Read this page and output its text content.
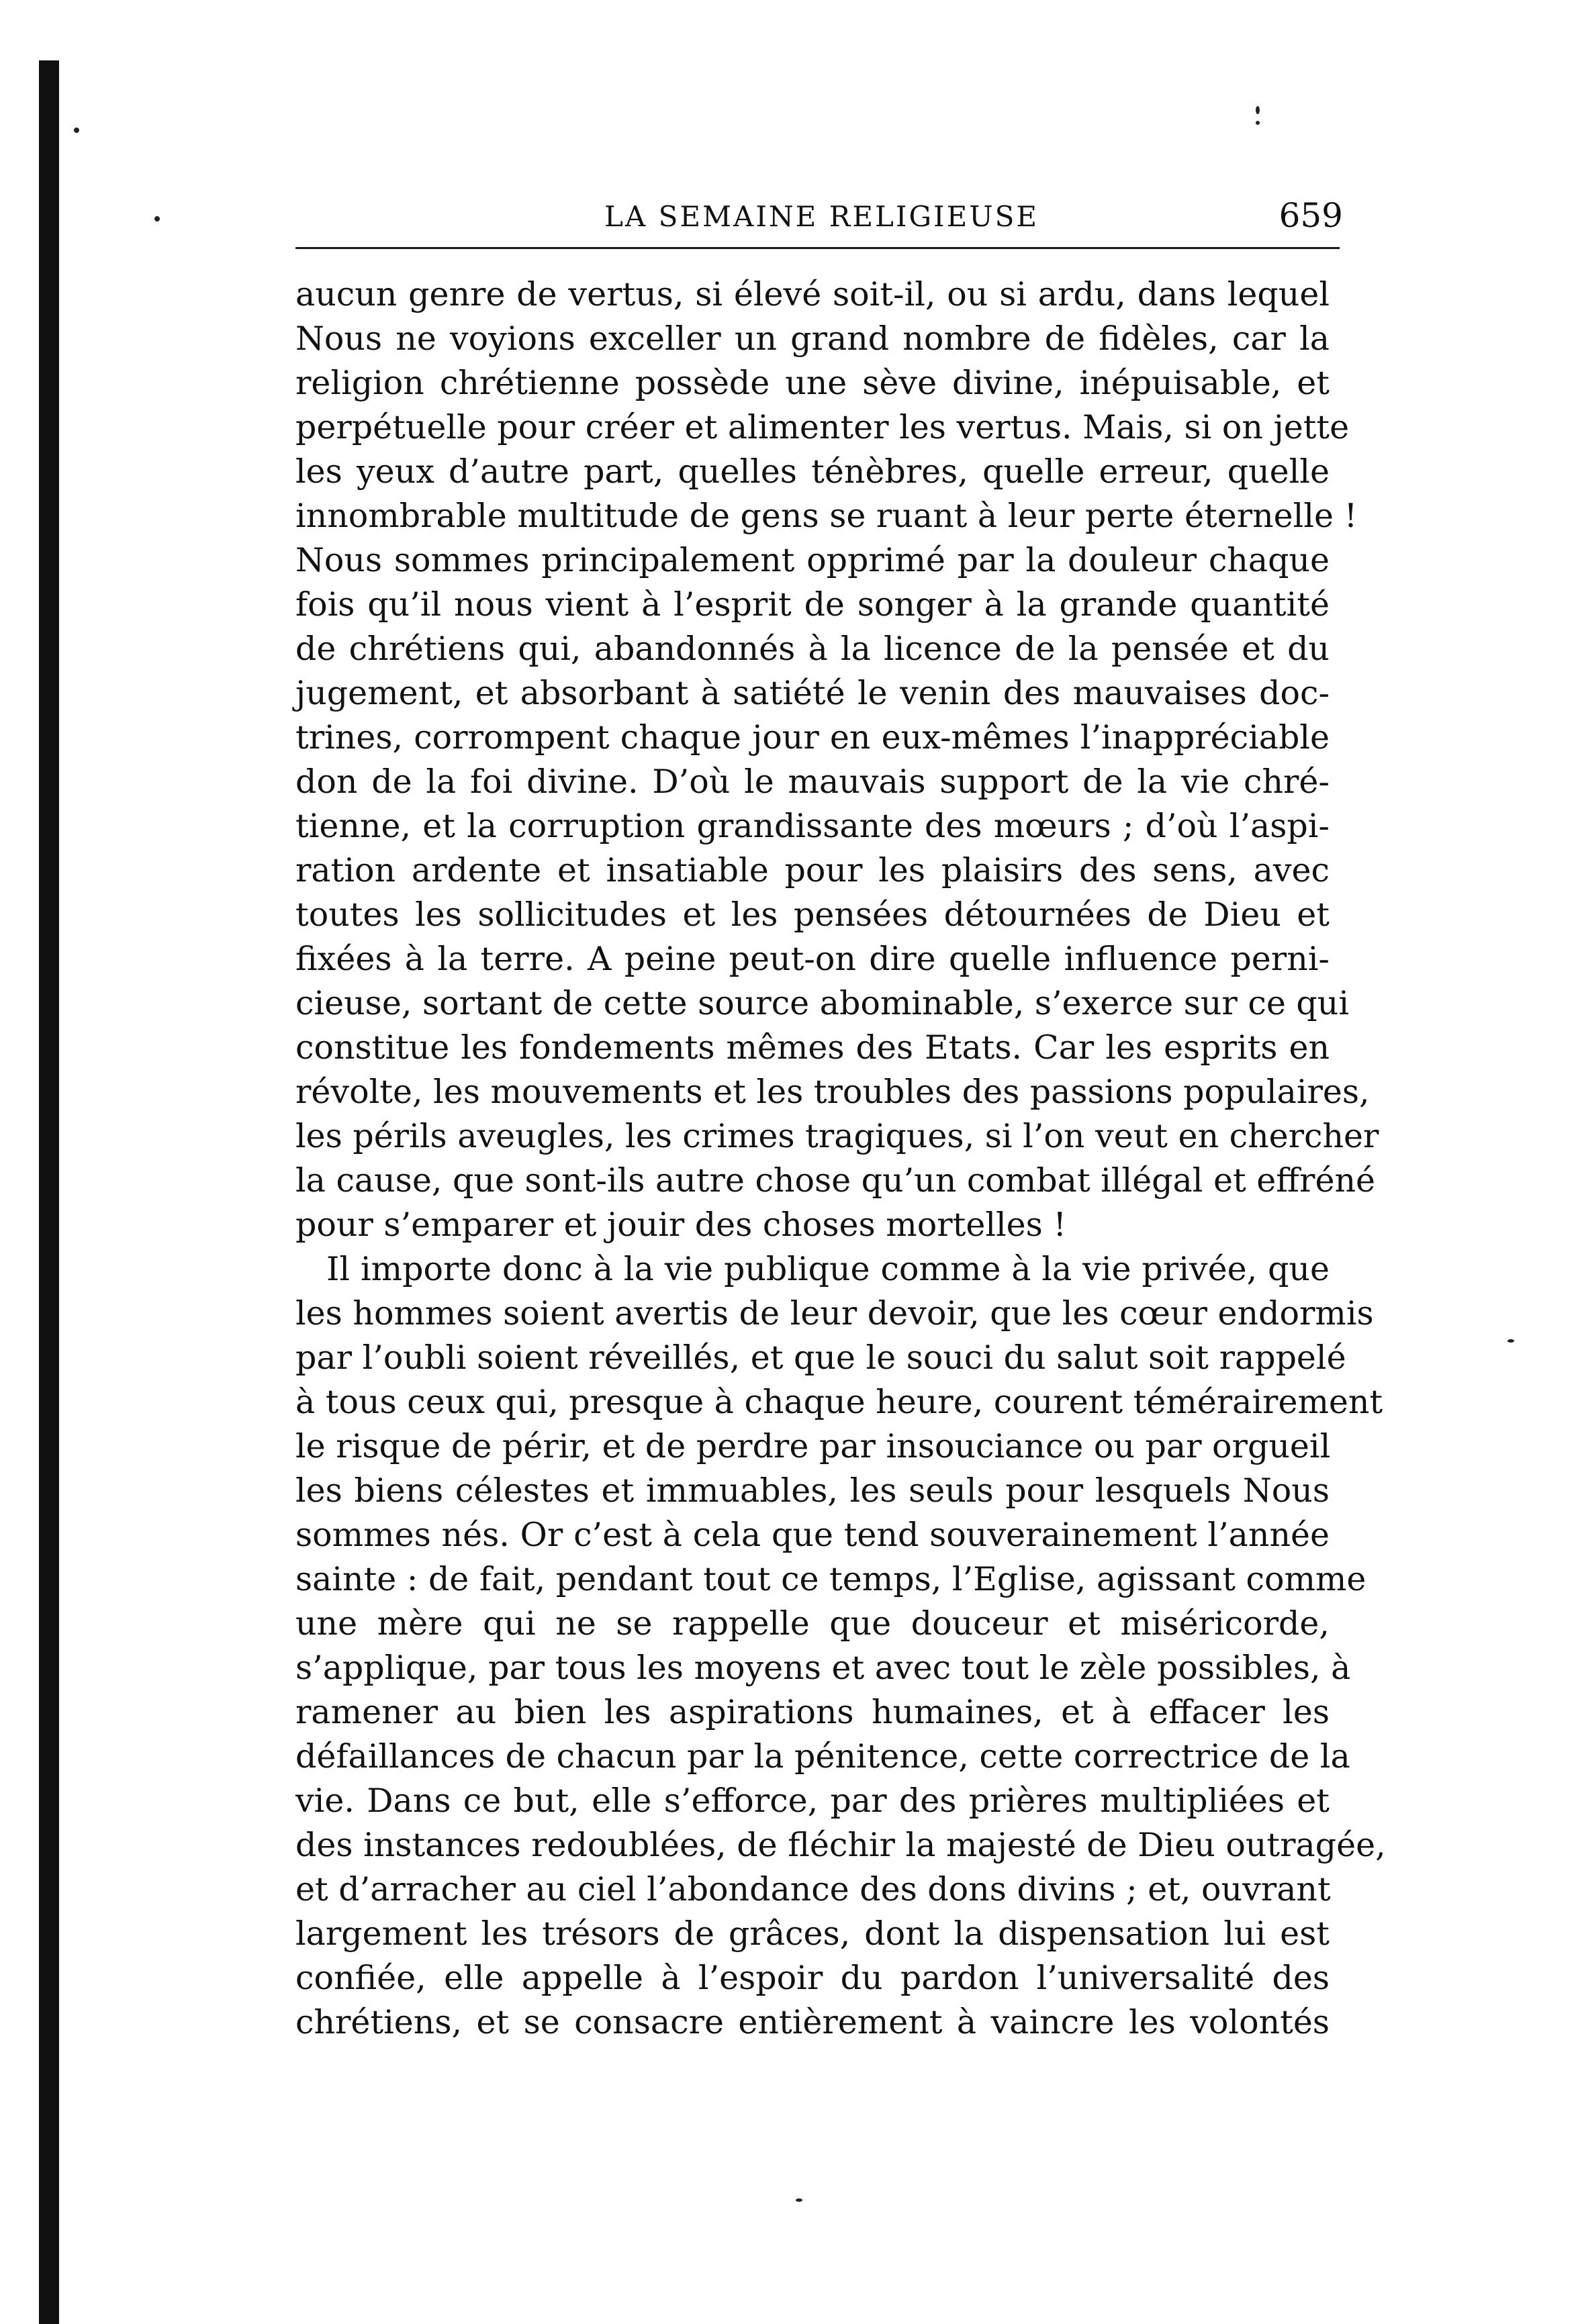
LA SEMAINE RELIGIEUSE	659
aucun genre de vertus, si élevé soit-il, ou si ardu, dans lequel
Nous ne voyions exceller un grand nombre de fidèles, car la
religion chrétienne possède une sève divine, inépuisable, et
perpétuelle pour créer et alimenter les vertus. Mais, si on jette
les yeux d’autre part, quelles ténèbres, quelle erreur, quelle
innombrable multitude de gens se ruant à leur perte éternelle !
Nous sommes principalement opprimé par la douleur chaque
fois qu’il nous vient à l’esprit de songer à la grande quantité
de chrétiens qui, abandonnés à la licence de la pensée et du
jugement, et absorbant à satiété le venin des mauvaises doc-
trines, corrompent chaque jour en eux-mêmes l’inappréciable
don de la foi divine. D’où le mauvais support de la vie chré-
tienne, et la corruption grandissante des mœurs ; d’où l’aspi-
ration ardente et insatiable pour les plaisirs des sens, avec
toutes les sollicitudes et les pensées détournées de Dieu et
fixées à la terre. A peine peut-on dire quelle influence perni-
cieuse, sortant de cette source abominable, s’exerce sur ce qui
constitue les fondements mêmes des Etats. Car les esprits en
révolte, les mouvements et les troubles des passions populaires,
les périls aveugles, les crimes tragiques, si l’on veut en chercher
la cause, que sont-ils autre chose qu’un combat illégal et effréné
pour s’emparer et jouir des choses mortelles !
Il importe donc à la vie publique comme à la vie privée, que
les hommes soient avertis de leur devoir, que les cœur endormis
par l’oubli soient réveillés, et que le souci du salut soit rappelé
à tous ceux qui, presque à chaque heure, courent témérairement
le risque de périr, et de perdre par insouciance ou par orgueil
les biens célestes et immuables, les seuls pour lesquels Nous
sommes nés. Or c’est à cela que tend souverainement l’année
sainte : de fait, pendant tout ce temps, l’Eglise, agissant comme
une mère qui ne se rappelle que douceur et miséricorde,
s’applique, par tous les moyens et avec tout le zèle possibles, à
ramener au bien les aspirations humaines, et à effacer les
défaillances de chacun par la pénitence, cette correctrice de la
vie. Dans ce but, elle s’efforce, par des prières multipliées et
des instances redoublées, de fléchir la majesté de Dieu outragée,
et d’arracher au ciel l’abondance des dons divins ; et, ouvrant
largement les trésors de grâces, dont la dispensation lui est
confiée, elle appelle à l’espoir du pardon l’universalité des
chrétiens, et se consacre entièrement à vaincre les volontés
